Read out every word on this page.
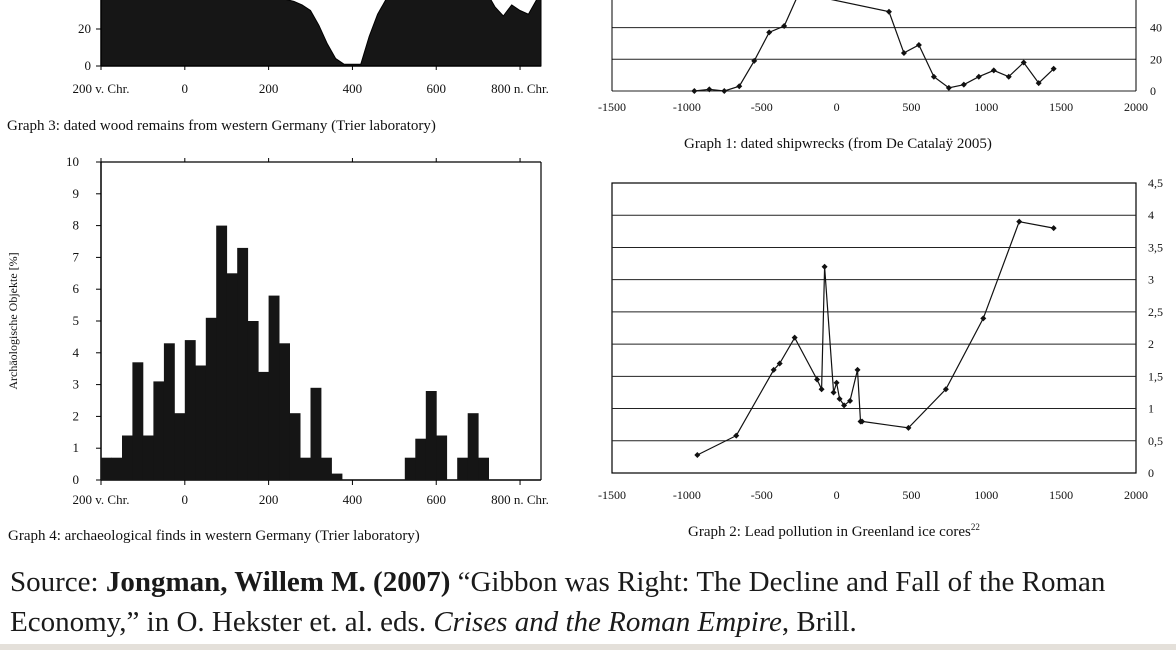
0
20
200 v. Chr.	0	200	400	600	800 n. Chr.	0
20
40
-1500	-1000	-500	0	500	1000	1500	2000
0
1
2
3
4
5
6
7
8
9
10
200 v. Chr.	0	200	400	600	800 n. Chr.
Archäologische Objekte [%]
0
0,5
1
1,5
2
2,5
3
3,5
4
4,5
-1500	-1000	-500	0	500	1000	1500	2000
Graph 3: dated wood remains from western Germany (Trier laboratory)
Graph 1: dated shipwrecks (from De Catalaÿ 2005)
Graph 4: archaeological finds in western Germany (Trier laboratory)	Graph 2: Lead pollution in Greenland ice cores$^{22}$
Source: Jongman, Willem M. (2007) “Gibbon was Right: The Decline and Fall of the Roman Economy,” in O. Hekster et. al. eds. Crises and the Roman Empire, Brill.
